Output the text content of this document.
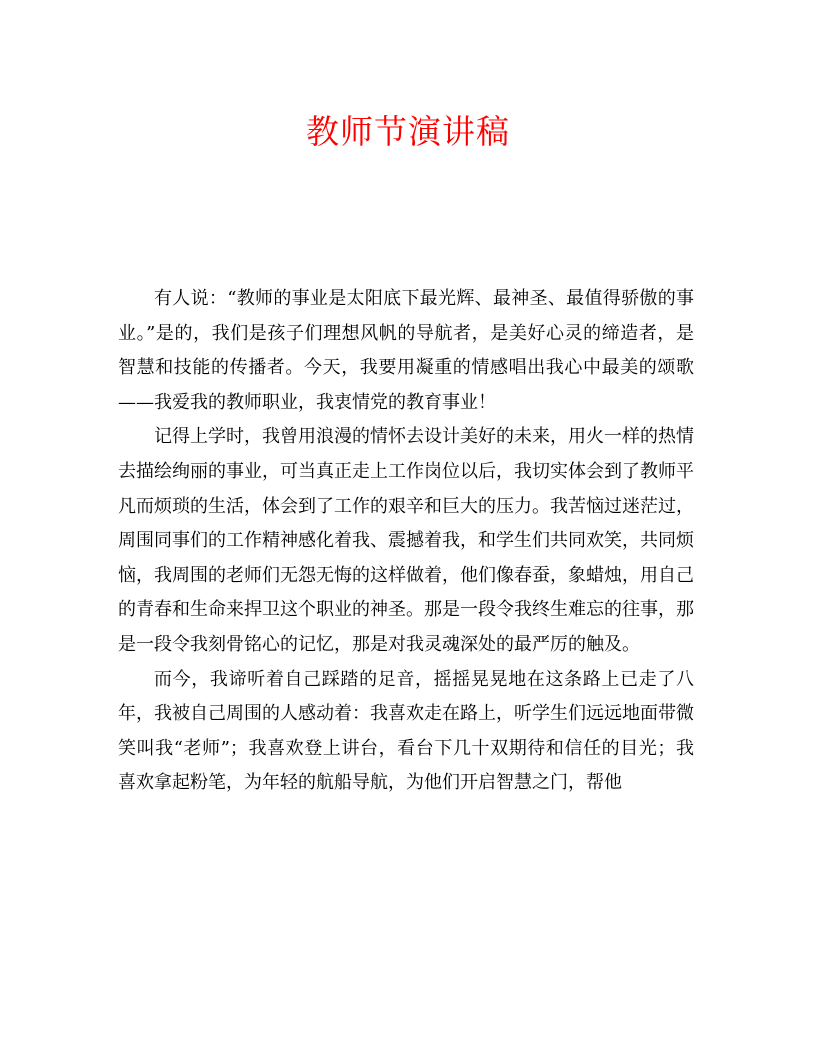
教师节演讲稿

有人说：“教师的事业是太阳底下最光辉、最神圣、最值得骄傲的事业。”是的，我们是孩子们理想风帆的导航者，是美好心灵的缔造者，是智慧和技能的传播者。今天，我要用凝重的情感唱出我心中最美的颂歌——我爱我的教师职业，我衷情党的教育事业！

记得上学时，我曾用浪漫的情怀去设计美好的未来，用火一样的热情去描绘绚丽的事业，可当真正走上工作岗位以后，我切实体会到了教师平凡而烦琐的生活，体会到了工作的艰辛和巨大的压力。我苦恼过迷茫过，周围同事们的工作精神感化着我、震撼着我，和学生们共同欢笑，共同烦恼，我周围的老师们无怨无悔的这样做着，他们像春蚕，象蜡烛，用自己的青春和生命来捍卫这个职业的神圣。那是一段令我终生难忘的往事，那是一段令我刻骨铭心的记忆，那是对我灵魂深处的最严厉的触及。

而今，我谛听着自己踩踏的足音，摇摇晃晃地在这条路上已走了八年，我被自己周围的人感动着：我喜欢走在路上，听学生们远远地面带微笑叫我“老师”；我喜欢登上讲台，看台下几十双期待和信任的目光；我喜欢拿起粉笔，为年轻的航船导航，为他们开启智慧之门，帮他
